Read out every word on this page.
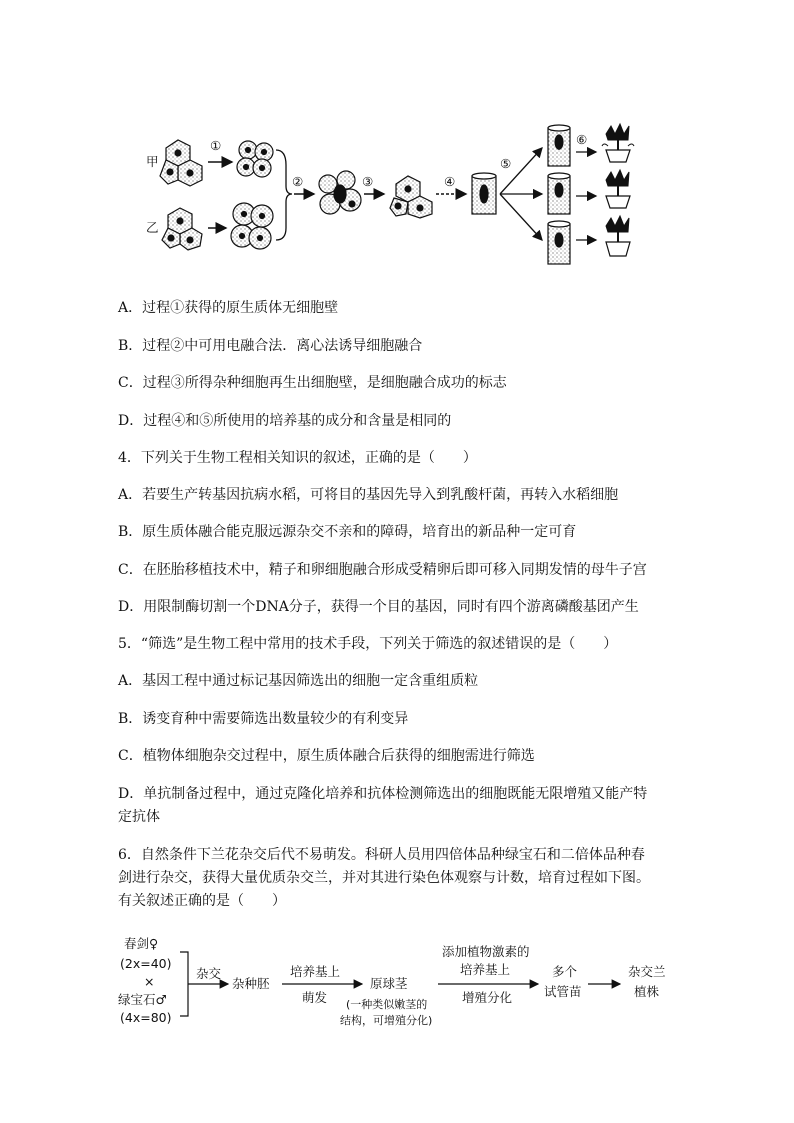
甲
乙
①
②	③	④
⑤
⑥
A．过程①获得的原生质体无细胞壁
B．过程②中可用电融合法．离心法诱导细胞融合
C．过程③所得杂种细胞再生出细胞壁，是细胞融合成功的标志
D．过程④和⑤所使用的培养基的成分和含量是相同的
4．下列关于生物工程相关知识的叙述，正确的是（　　）
A．若要生产转基因抗病水稻，可将目的基因先导入到乳酸杆菌，再转入水稻细胞
B．原生质体融合能克服远源杂交不亲和的障碍，培育出的新品种一定可育
C．在胚胎移植技术中，精子和卵细胞融合形成受精卵后即可移入同期发情的母牛子宫
D．用限制酶切割一个DNA分子，获得一个目的基因，同时有四个游离磷酸基团产生
5．“筛选”是生物工程中常用的技术手段，下列关于筛选的叙述错误的是（　　）
A．基因工程中通过标记基因筛选出的细胞一定含重组质粒
B．诱变育种中需要筛选出数量较少的有利变异
C．植物体细胞杂交过程中，原生质体融合后获得的细胞需进行筛选
D．单抗制备过程中，通过克隆化培养和抗体检测筛选出的细胞既能无限增殖又能产特
定抗体
6．自然条件下兰花杂交后代不易萌发。科研人员用四倍体品种绿宝石和二倍体品种春
剑进行杂交，获得大量优质杂交兰，并对其进行染色体观察与计数，培育过程如下图。
有关叙述正确的是（　　）
春剑♀
(2x=40)
×
绿宝石♂
(4x=80)
杂交
杂种胚
培养基上
萌发
原球茎
(一种类似嫩茎的
结构，可增殖分化)
添加植物激素的
培养基上
增殖分化
多个
试管苗
杂交兰
植株
